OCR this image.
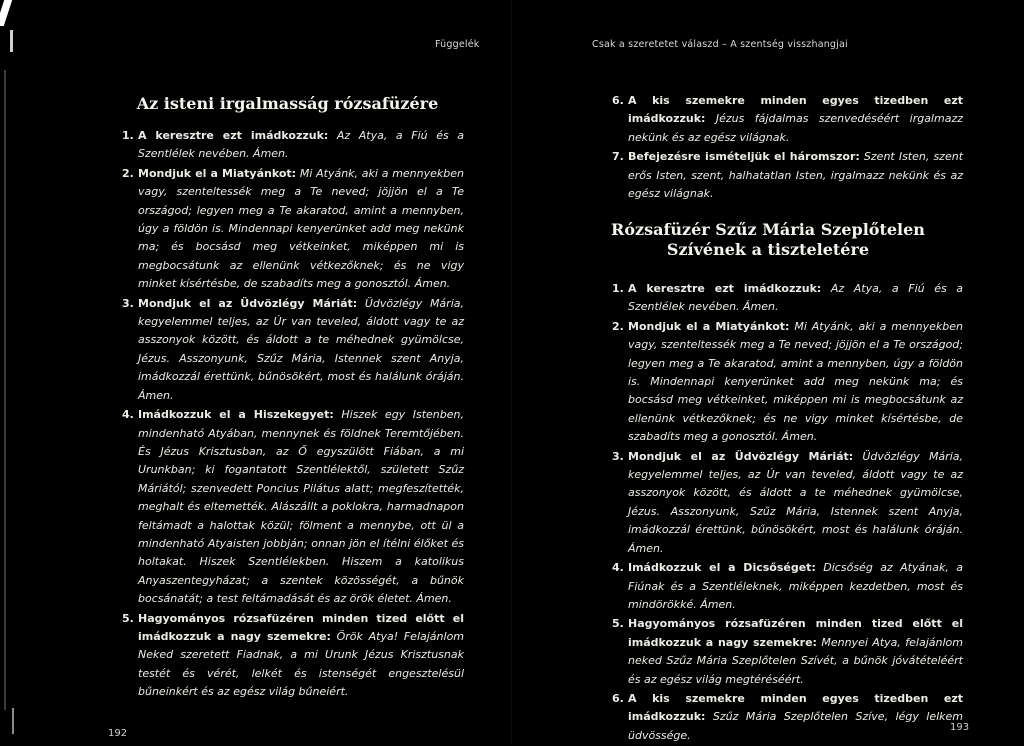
Függelék
Az isteni irgalmasság rózsafüzére
1. A keresztre ezt imádkozzuk: Az Atya, a Fiú és a Szentlélek nevében. Ámen.
2. Mondjuk el a Miatyánkot: Mi Atyánk, aki a mennyekben vagy, szenteltessék meg a Te neved; jöjjön el a Te országod; legyen meg a Te akaratod, amint a mennyben, úgy a földön is. Mindennapi kenyerünket add meg nekünk ma; és bocsásd meg vétkeinket, miképpen mi is megbocsátunk az ellenünk vétkezőknek; és ne vigy minket kísértésbe, de szabadíts meg a gonosztól. Ámen.
3. Mondjuk el az Üdvözlégy Máriát: Üdvözlégy Mária, kegyelemmel teljes, az Úr van teveled, áldott vagy te az asszonyok között, és áldott a te méhednek gyümölcse, Jézus. Asszonyunk, Szűz Mária, Istennek szent Anyja, imádkozzál érettünk, bűnösökért, most és halálunk óráján. Ámen.
4. Imádkozzuk el a Hiszekegyet: Hiszek egy Istenben, mindenható Atyában, mennynek és földnek Teremtőjében. És Jézus Krisztusban, az Ő egyszülött Fiában, a mi Urunkban; ki fogantatott Szentlélektől, született Szűz Máriától; szenvedett Poncius Pilátus alatt; megfeszítették, meghalt és eltemették. Alászállt a poklokra, harmadnapon feltámadt a halottak közül; fölment a mennybe, ott ül a mindenható Atyaisten jobbján; onnan jön el ítélni élőket és holtakat. Hiszek Szentlélekben. Hiszem a katolikus Anyaszentegyházat; a szentek közösségét, a bűnök bocsánatát; a test feltámadását és az örök életet. Ámen.
5. Hagyományos rózsafüzéren minden tized előtt el imádkozzuk a nagy szemekre: Örök Atya! Felajánlom Neked szeretett Fiadnak, a mi Urunk Jézus Krisztusnak testét és vérét, lelkét és istenségét engesztelésül bűneinkért és az egész világ bűneiért.
192
Csak a szeretetet válaszd – A szentség visszhangjai
6. A kis szemekre minden egyes tizedben ezt imádkozzuk: Jézus fájdalmas szenvedéséért irgalmazz nekünk és az egész világnak.
7. Befejezésre ismételjük el háromszor: Szent Isten, szent erős Isten, szent, halhatatlan Isten, irgalmazz nekünk és az egész világnak.
Rózsafüzér Szűz Mária Szeplőtelen Szívének a tiszteletére
1. A keresztre ezt imádkozzuk: Az Atya, a Fiú és a Szentlélek nevében. Ámen.
2. Mondjuk el a Miatyánkot: Mi Atyánk, aki a mennyekben vagy, szenteltessék meg a Te neved; jöjjön el a Te országod; legyen meg a Te akaratod, amint a mennyben, úgy a földön is. Mindennapi kenyerünket add meg nekünk ma; és bocsásd meg vétkeinket, miképpen mi is megbocsátunk az ellenünk vétkezőknek; és ne vigy minket kísértésbe, de szabadíts meg a gonosztól. Ámen.
3. Mondjuk el az Üdvözlégy Máriát: Üdvözlégy Mária, kegyelemmel teljes, az Úr van teveled, áldott vagy te az asszonyok között, és áldott a te méhednek gyümölcse, Jézus. Asszonyunk, Szűz Mária, Istennek szent Anyja, imádkozzál érettünk, bűnösökért, most és halálunk óráján. Ámen.
4. Imádkozzuk el a Dicsőséget: Dicsőség az Atyának, a Fiúnak és a Szentléleknek, miképpen kezdetben, most és mindörökké. Ámen.
5. Hagyományos rózsafüzéren minden tized előtt el imádkozzuk a nagy szemekre: Mennyei Atya, felajánlom neked Szűz Mária Szeplőtelen Szívét, a bűnök jóvátételéért és az egész világ megtéréséért.
6. A kis szemekre minden egyes tizedben ezt imádkozzuk: Szűz Mária Szeplőtelen Szíve, légy lelkem üdvössége.
193
